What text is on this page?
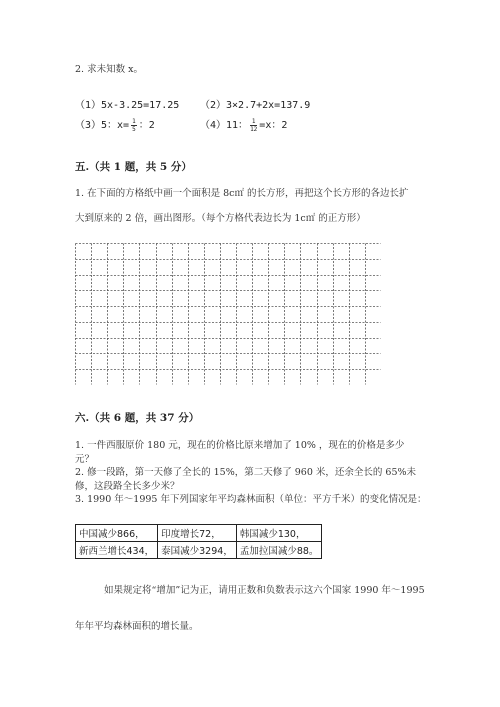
2. 求未知数 x。
（1）5x-3.25=17.25 （2）3×2.7+2x=137.9
（3）5：$x= \frac{1}{5}$ ：2	（4）11： $\frac{1}{12} =x$：2
五.（共 1 题，共 5 分）
1. 在下面的方格纸中画一个面积是 8c㎡ 的长方形，再把这个长方形的各边长扩
大到原来的 2 倍，画出图形。（每个方格代表边长为 1c㎡ 的正方形）
六.（共 6 题，共 37 分）
1. 一件西服原价 180 元，现在的价格比原来增加了 10% ，现在的价格是多少
元？
2. 修一段路，第一天修了全长的 15%，第二天修了 960 米，还余全长的 65%未
修，这段路全长多少米？
3. 1990 年～1995 年下列国家年平均森林面积（单位：平方千米）的变化情况是：
中国减少866，	印度增长72，	韩国减少130，
新西兰增长434，	泰国减少3294，	孟加拉国减少88。
如果规定将“增加”记为正，请用正数和负数表示这六个国家 1990 年～1995
年年平均森林面积的增长量。
